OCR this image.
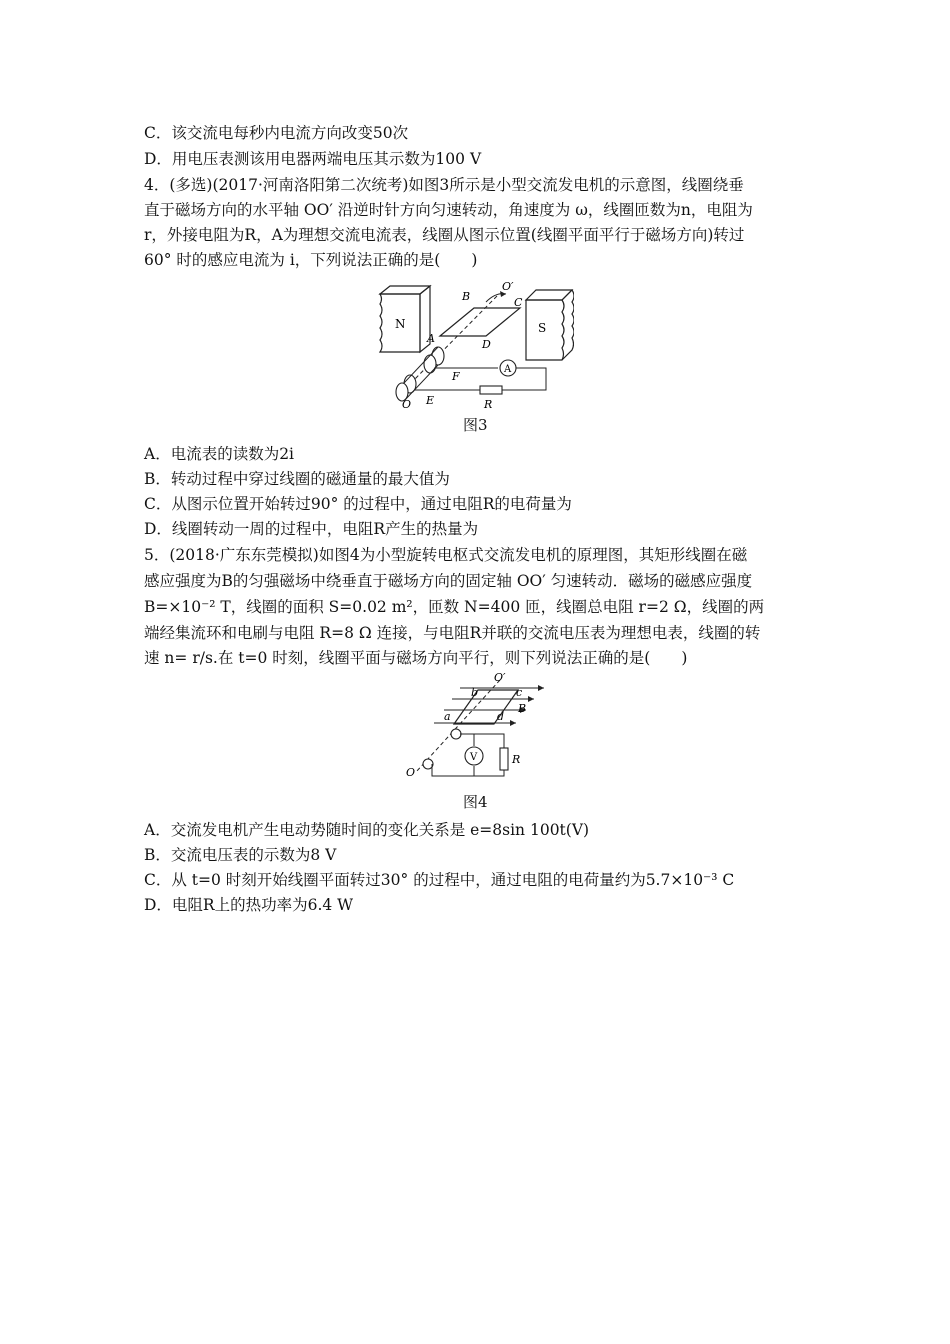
C．该交流电每秒内电流方向改变50次
D．用电压表测该用电器两端电压其示数为100 V
4．(多选)(2017·河南洛阳第二次统考)如图3所示是小型交流发电机的示意图，线圈绕垂
直于磁场方向的水平轴 OO′ 沿逆时针方向匀速转动，角速度为 ω，线圈匝数为n，电阻为
r，外接电阻为R，A为理想交流电流表，线圈从图示位置(线圈平面平行于磁场方向)转过
60° 时的感应电流为 i，下列说法正确的是(　　)
N	S
A
B	C
D
A
F
E
O
O′
R
图3
A．电流表的读数为2i
B．转动过程中穿过线圈的磁通量的最大值为
C．从图示位置开始转过90° 的过程中，通过电阻R的电荷量为
D．线圈转动一周的过程中，电阻R产生的热量为
5．(2018·广东东莞模拟)如图4为小型旋转电枢式交流发电机的原理图，其矩形线圈在磁
感应强度为B的匀强磁场中绕垂直于磁场方向的固定轴 OO′ 匀速转动．磁场的磁感应强度
B=×10⁻² T，线圈的面积 S=0.02 m²，匝数 N=400 匝，线圈总电阻 r=2 Ω，线圈的两
端经集流环和电刷与电阻 R=8 Ω 连接，与电阻R并联的交流电压表为理想电表，线圈的转
速 n= r/s.在 t=0 时刻，线圈平面与磁场方向平行，则下列说法正确的是(　　)
V	R
a
b	c
d
B
O′
O
图4
A．交流发电机产生电动势随时间的变化关系是 e=8sin 100t(V)
B．交流电压表的示数为8 V
C．从 t=0 时刻开始线圈平面转过30° 的过程中，通过电阻的电荷量约为5.7×10⁻³ C
D．电阻R上的热功率为6.4 W
